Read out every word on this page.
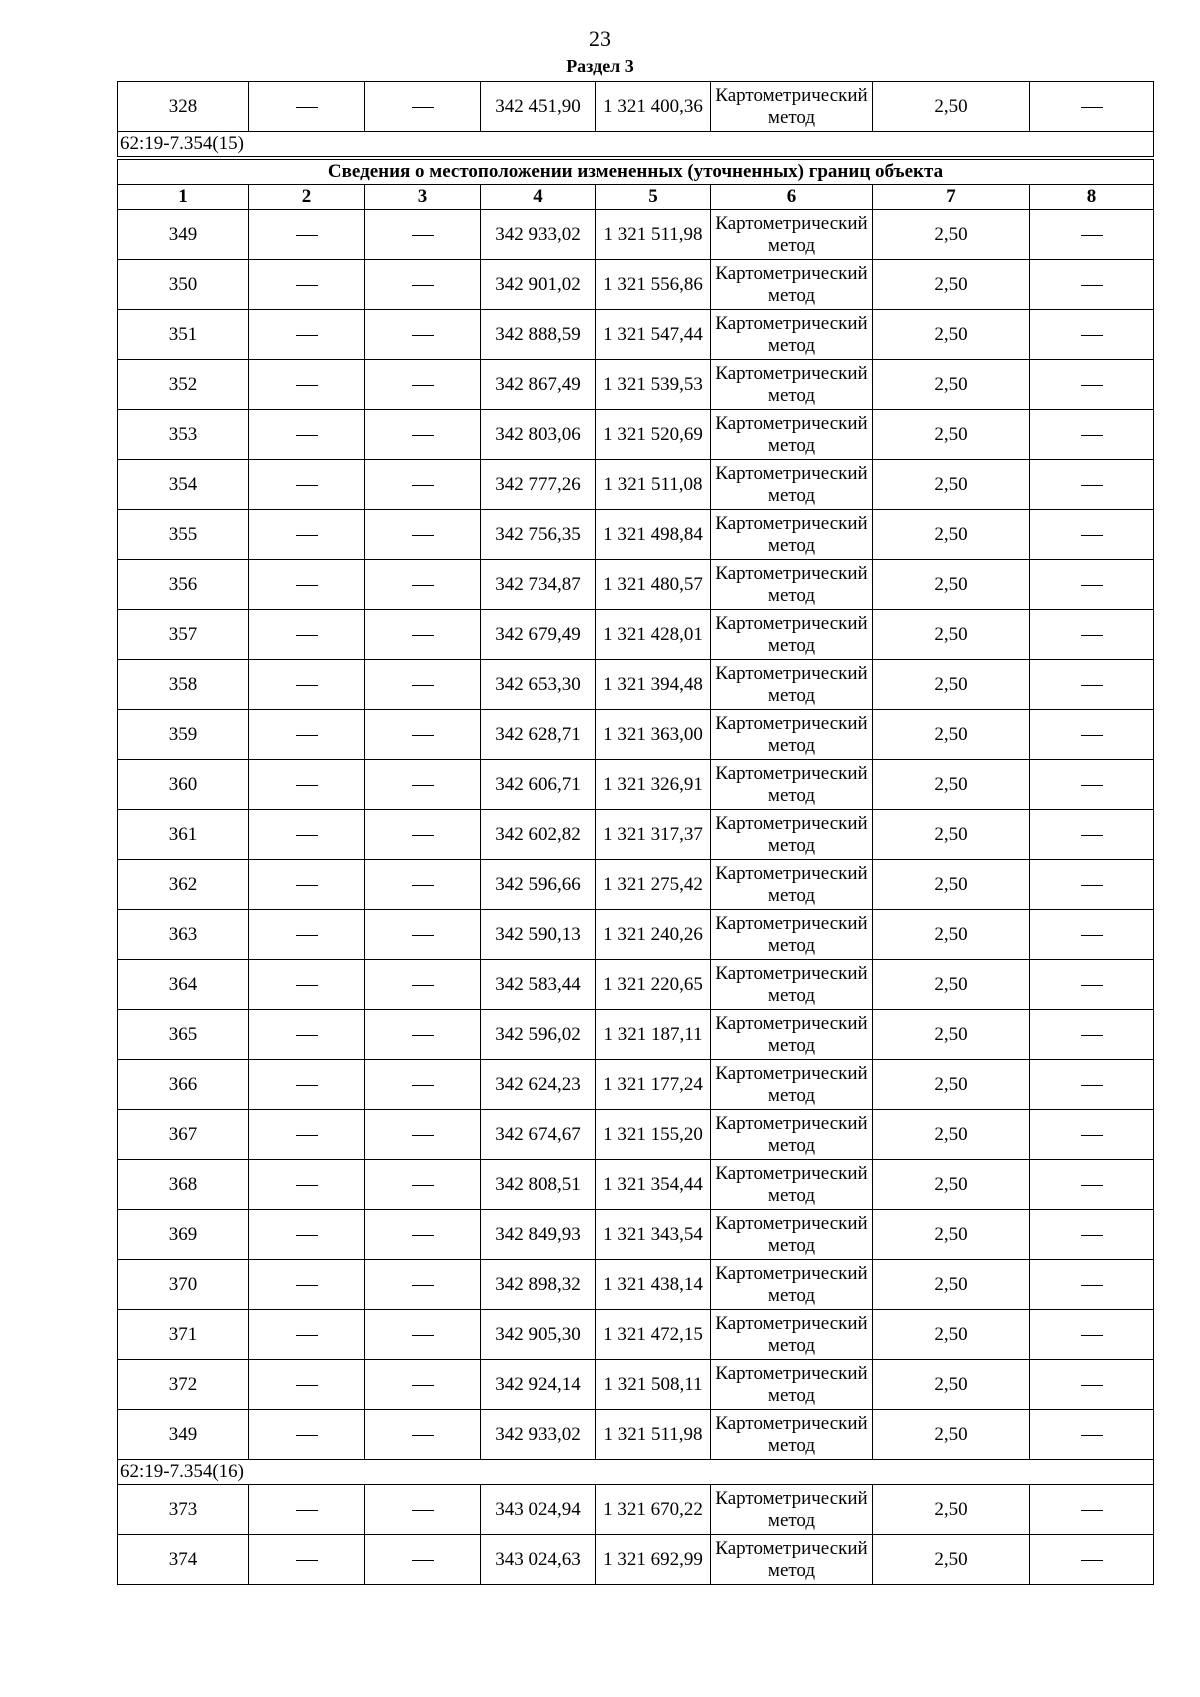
23
Раздел 3
328			342 451,90	1 321 400,36	Картометрический метод	2,50	
62:19-7.354(15)							
Сведения о местоположении измененных (уточненных) границ объекта							
1	2	3	4	5	6	7	8
349			342 933,02	1 321 511,98	Картометрический метод	2,50	
350			342 901,02	1 321 556,86	Картометрический метод	2,50	
351			342 888,59	1 321 547,44	Картометрический метод	2,50	
352			342 867,49	1 321 539,53	Картометрический метод	2,50	
353			342 803,06	1 321 520,69	Картометрический метод	2,50	
354			342 777,26	1 321 511,08	Картометрический метод	2,50	
355			342 756,35	1 321 498,84	Картометрический метод	2,50	
356			342 734,87	1 321 480,57	Картометрический метод	2,50	
357			342 679,49	1 321 428,01	Картометрический метод	2,50	
358			342 653,30	1 321 394,48	Картометрический метод	2,50	
359			342 628,71	1 321 363,00	Картометрический метод	2,50	
360			342 606,71	1 321 326,91	Картометрический метод	2,50	
361			342 602,82	1 321 317,37	Картометрический метод	2,50	
362			342 596,66	1 321 275,42	Картометрический метод	2,50	
363			342 590,13	1 321 240,26	Картометрический метод	2,50	
364			342 583,44	1 321 220,65	Картометрический метод	2,50	
365			342 596,02	1 321 187,11	Картометрический метод	2,50	
366			342 624,23	1 321 177,24	Картометрический метод	2,50	
367			342 674,67	1 321 155,20	Картометрический метод	2,50	
368			342 808,51	1 321 354,44	Картометрический метод	2,50	
369			342 849,93	1 321 343,54	Картометрический метод	2,50	
370			342 898,32	1 321 438,14	Картометрический метод	2,50	
371			342 905,30	1 321 472,15	Картометрический метод	2,50	
372			342 924,14	1 321 508,11	Картометрический метод	2,50	
349			342 933,02	1 321 511,98	Картометрический метод	2,50	
62:19-7.354(16)							
373			343 024,94	1 321 670,22	Картометрический метод	2,50	
374			343 024,63	1 321 692,99	Картометрический метод	2,50	
